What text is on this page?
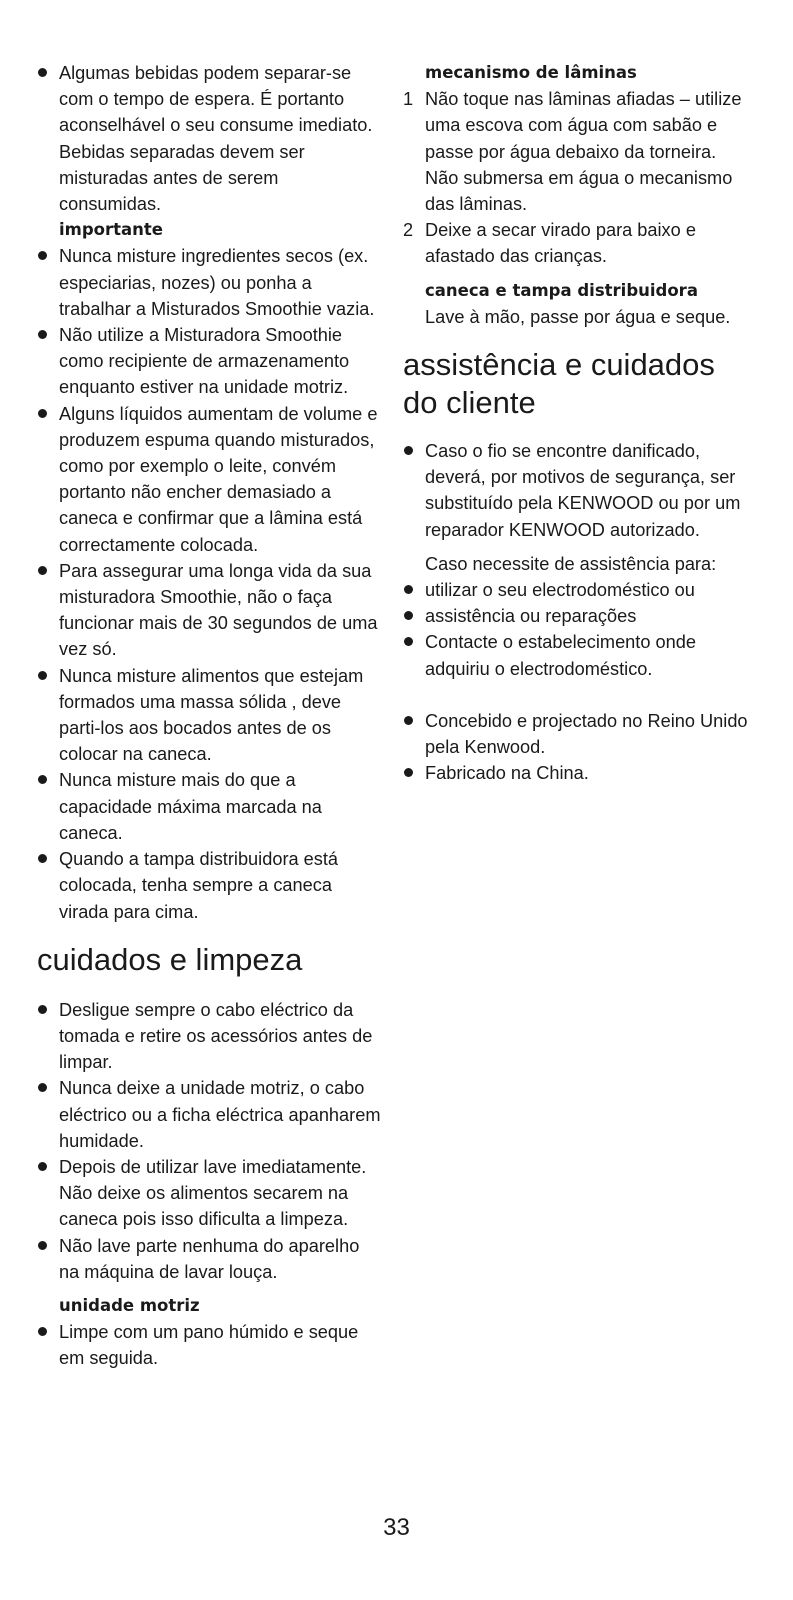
Algumas bebidas podem separar-se com o tempo de espera. É portanto aconselhável o seu consume imediato. Bebidas separadas devem ser misturadas antes de serem consumidas.
importante
Nunca misture ingredientes secos (ex. especiarias, nozes) ou ponha a trabalhar a Misturados Smoothie vazia.
Não utilize a Misturadora Smoothie como recipiente de armazenamento enquanto estiver na unidade motriz.
Alguns líquidos aumentam de volume e produzem espuma quando misturados, como por exemplo o leite, convém portanto não encher demasiado a caneca e confirmar que a lâmina está correctamente colocada.
Para assegurar uma longa vida da sua misturadora Smoothie, não o faça funcionar mais de 30 segundos de uma vez só.
Nunca misture alimentos que estejam formados uma massa sólida , deve parti-los aos bocados antes de os colocar na caneca.
Nunca misture mais do que a capacidade máxima marcada na caneca.
Quando a tampa distribuidora está colocada, tenha sempre a caneca virada para cima.
cuidados e limpeza
Desligue sempre o cabo eléctrico da tomada e retire os acessórios antes de limpar.
Nunca deixe a unidade motriz, o cabo eléctrico ou a ficha eléctrica apanharem humidade.
Depois de utilizar lave imediatamente. Não deixe os alimentos secarem na caneca pois isso dificulta a limpeza.
Não lave parte nenhuma do aparelho na máquina de lavar louça.
unidade motriz
Limpe com um pano húmido e seque em seguida.
mecanismo de lâminas
1 Não toque nas lâminas afiadas – utilize uma escova com água com sabão e passe por água debaixo da torneira. Não submersa em água o mecanismo das lâminas.
2 Deixe a secar virado para baixo e afastado das crianças.
caneca e tampa distribuidora
Lave à mão, passe por água e seque.
assistência e cuidados do cliente
Caso o fio se encontre danificado, deverá, por motivos de segurança, ser substituído pela KENWOOD ou por um reparador KENWOOD autorizado.
Caso necessite de assistência para:
utilizar o seu electrodoméstico ou
assistência ou reparações
Contacte o estabelecimento onde adquiriu o electrodoméstico.
Concebido e projectado no Reino Unido pela Kenwood.
Fabricado na China.
33
